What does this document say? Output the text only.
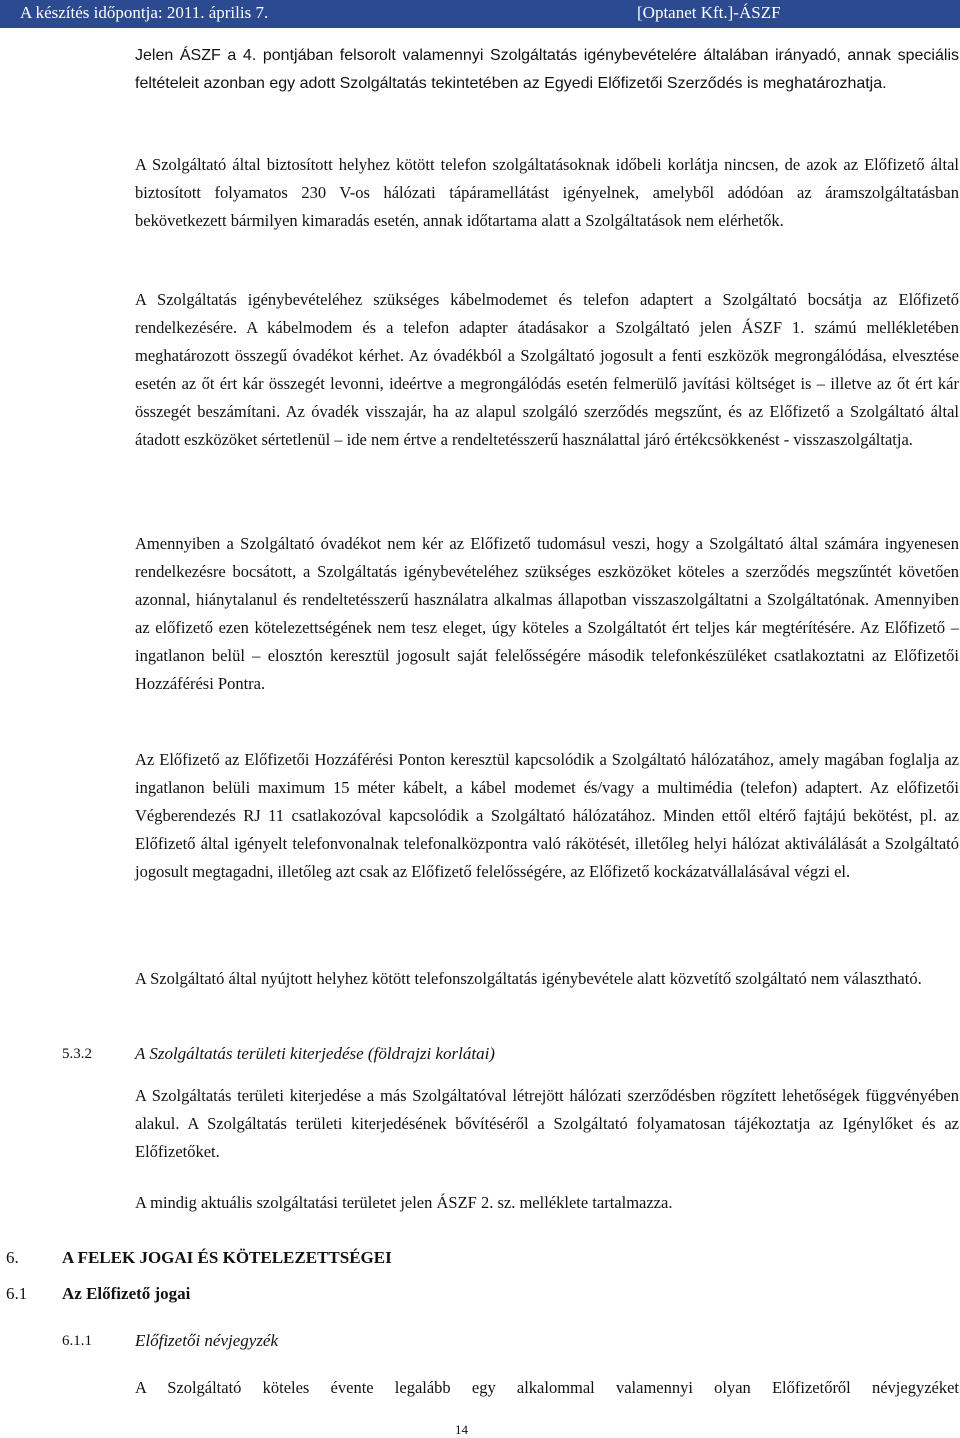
A készítés időpontja: 2011. április 7.	[Optanet Kft.]-ÁSZF

Jelen ÁSZF a 4. pontjában felsorolt valamennyi Szolgáltatás igénybevételére általában irányadó, annak speciális feltételeit azonban egy adott Szolgáltatás tekintetében az Egyedi Előfizetői Szerződés is meghatározhatja.

A Szolgáltató által biztosított helyhez kötött telefon szolgáltatásoknak időbeli korlátja nincsen, de azok az Előfizető által biztosított folyamatos 230 V-os hálózati tápáramellátást igényelnek, amelyből adódóan az áramszolgáltatásban bekövetkezett bármilyen kimaradás esetén, annak időtartama alatt a Szolgáltatások nem elérhetők.

A Szolgáltatás igénybevételéhez szükséges kábelmodemet és telefon adaptert a Szolgáltató bocsátja az Előfizető rendelkezésére. A kábelmodem és a telefon adapter átadásakor a Szolgáltató jelen ÁSZF 1. számú mellékletében meghatározott összegű óvadékot kérhet. Az óvadékból a Szolgáltató jogosult a fenti eszközök megrongálódása, elvesztése esetén az őt ért kár összegét levonni, ideértve a megrongálódás esetén felmerülő javítási költséget is – illetve az őt ért kár összegét beszámítani. Az óvadék visszajár, ha az alapul szolgáló szerződés megszűnt, és az Előfizető a Szolgáltató által átadott eszközöket sértetlenül – ide nem értve a rendeltetésszerű használattal járó értékcsökkenést - visszaszolgáltatja.

Amennyiben a Szolgáltató óvadékot nem kér az Előfizető tudomásul veszi, hogy a Szolgáltató által számára ingyenesen rendelkezésre bocsátott, a Szolgáltatás igénybevételéhez szükséges eszközöket köteles a szerződés megszűntét követően azonnal, hiánytalanul és rendeltetésszerű használatra alkalmas állapotban visszaszolgáltatni a Szolgáltatónak. Amennyiben az előfizető ezen kötelezettségének nem tesz eleget, úgy köteles a Szolgáltatót ért teljes kár megtérítésére. Az Előfizető – ingatlanon belül – elosztón keresztül jogosult saját felelősségére második telefonkészüléket csatlakoztatni az Előfizetői Hozzáférési Pontra.

Az Előfizető az Előfizetői Hozzáférési Ponton keresztül kapcsolódik a Szolgáltató hálózatához, amely magában foglalja az ingatlanon belüli maximum 15 méter kábelt, a kábel modemet és/vagy a multimédia (telefon) adaptert. Az előfizetői Végberendezés RJ 11 csatlakozóval kapcsolódik a Szolgáltató hálózatához. Minden ettől eltérő fajtájú bekötést, pl. az Előfizető által igényelt telefonvonalnak telefonalközpontra való rákötését, illetőleg helyi hálózat aktiválálását a Szolgáltató jogosult megtagadni, illetőleg azt csak az Előfizető felelősségére, az Előfizető kockázatvállalásával végzi el.

A Szolgáltató által nyújtott helyhez kötött telefonszolgáltatás igénybevétele alatt közvetítő szolgáltató nem választható.

5.3.2	A Szolgáltatás területi kiterjedése (földrajzi korlátai)

A Szolgáltatás területi kiterjedése a más Szolgáltatóval létrejött hálózati szerződésben rögzített lehetőségek függvényében alakul. A Szolgáltatás területi kiterjedésének bővítéséről a Szolgáltató folyamatosan tájékoztatja az Igénylőket és az Előfizetőket.

A mindig aktuális szolgáltatási területet jelen ÁSZF 2. sz. melléklete tartalmazza.

6.	A FELEK JOGAI ÉS KÖTELEZETTSÉGEI
6.1 Az Előfizető jogai
6.1.1	Előfizetői névjegyzék

A Szolgáltató köteles évente legalább egy alkalommal valamennyi olyan Előfizetőről névjegyzéket

14
